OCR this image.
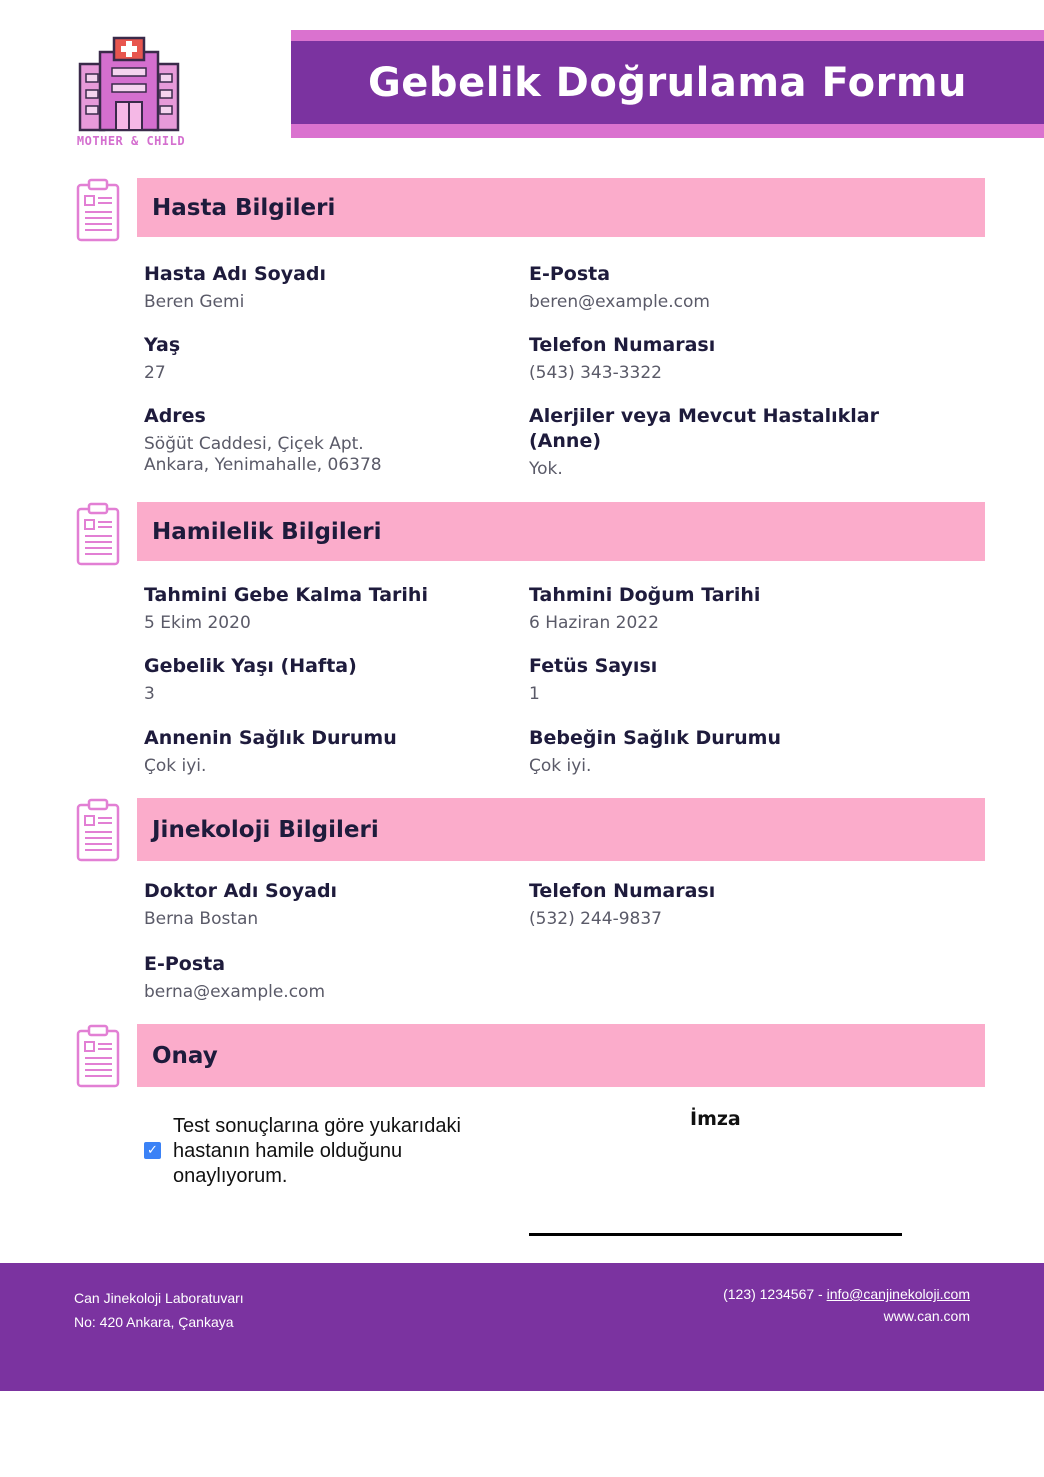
MOTHER & CHILD
Gebelik Doğrulama Formu
Hasta Bilgileri
Hasta Adı Soyadı
Beren Gemi
E-Posta
beren@example.com
Yaş
27
Telefon Numarası
(543) 343-3322
Adres
Söğüt Caddesi, Çiçek Apt.
Ankara, Yenimahalle, 06378
Alerjiler veya Mevcut Hastalıklar (Anne)
Yok.
Hamilelik Bilgileri
Tahmini Gebe Kalma Tarihi
5 Ekim 2020
Tahmini Doğum Tarihi
6 Haziran 2022
Gebelik Yaşı (Hafta)
3
Fetüs Sayısı
1
Annenin Sağlık Durumu
Çok iyi.
Bebeğin Sağlık Durumu
Çok iyi.
Jinekoloji Bilgileri
Doktor Adı Soyadı
Berna Bostan
Telefon Numarası
(532) 244-9837
E-Posta
berna@example.com
Onay
✓
Test sonuçlarına göre yukarıdaki hastanın hamile olduğunu onaylıyorum.
İmza
Can Jinekoloji Laboratuvarı
No: 420 Ankara, Çankaya
(123) 1234567 - info@canjinekoloji.com
www.can.com
